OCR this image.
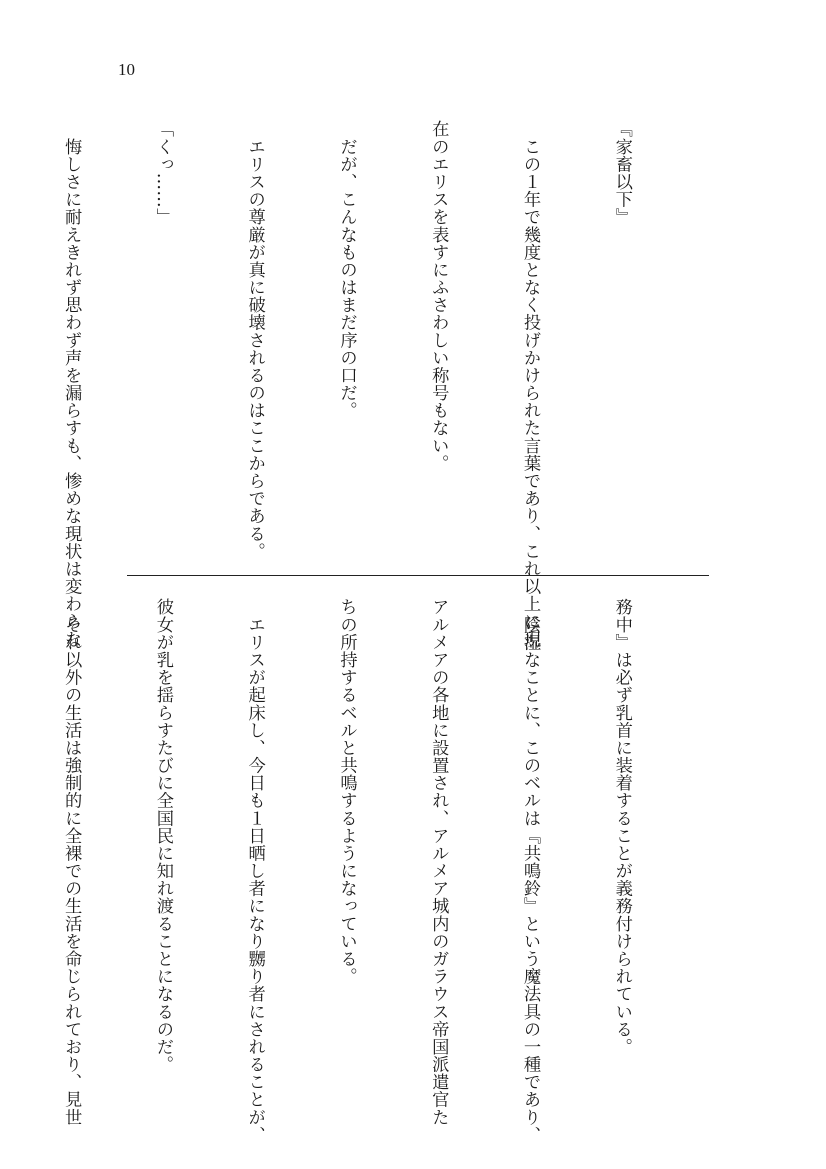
10

『家畜以下』

　この１年で幾度となく投げかけられた言葉であり、これ以上に現

在のエリスを表すにふさわしい称号もない。

　だが、こんなものはまだ序の口だ。

　エリスの尊厳が真に破壊されるのはここからである。

「くっ……」

　悔しさに耐えきれず思わず声を漏らすも、惨めな現状は変わらな

務中』は必ず乳首に装着することが義務付けられている。

　陰湿なことに、このベルは『共鳴鈴』という魔法具の一種であり、

アルメアの各地に設置され、アルメア城内のガラウス帝国派遣官た

ちの所持するベルと共鳴するようになっている。

　エリスが起床し、今日も１日晒し者になり嬲り者にされることが、

彼女が乳を揺らすたびに全国民に知れ渡ることになるのだ。

　それ以外の生活は強制的に全裸での生活を命じられており、見世
